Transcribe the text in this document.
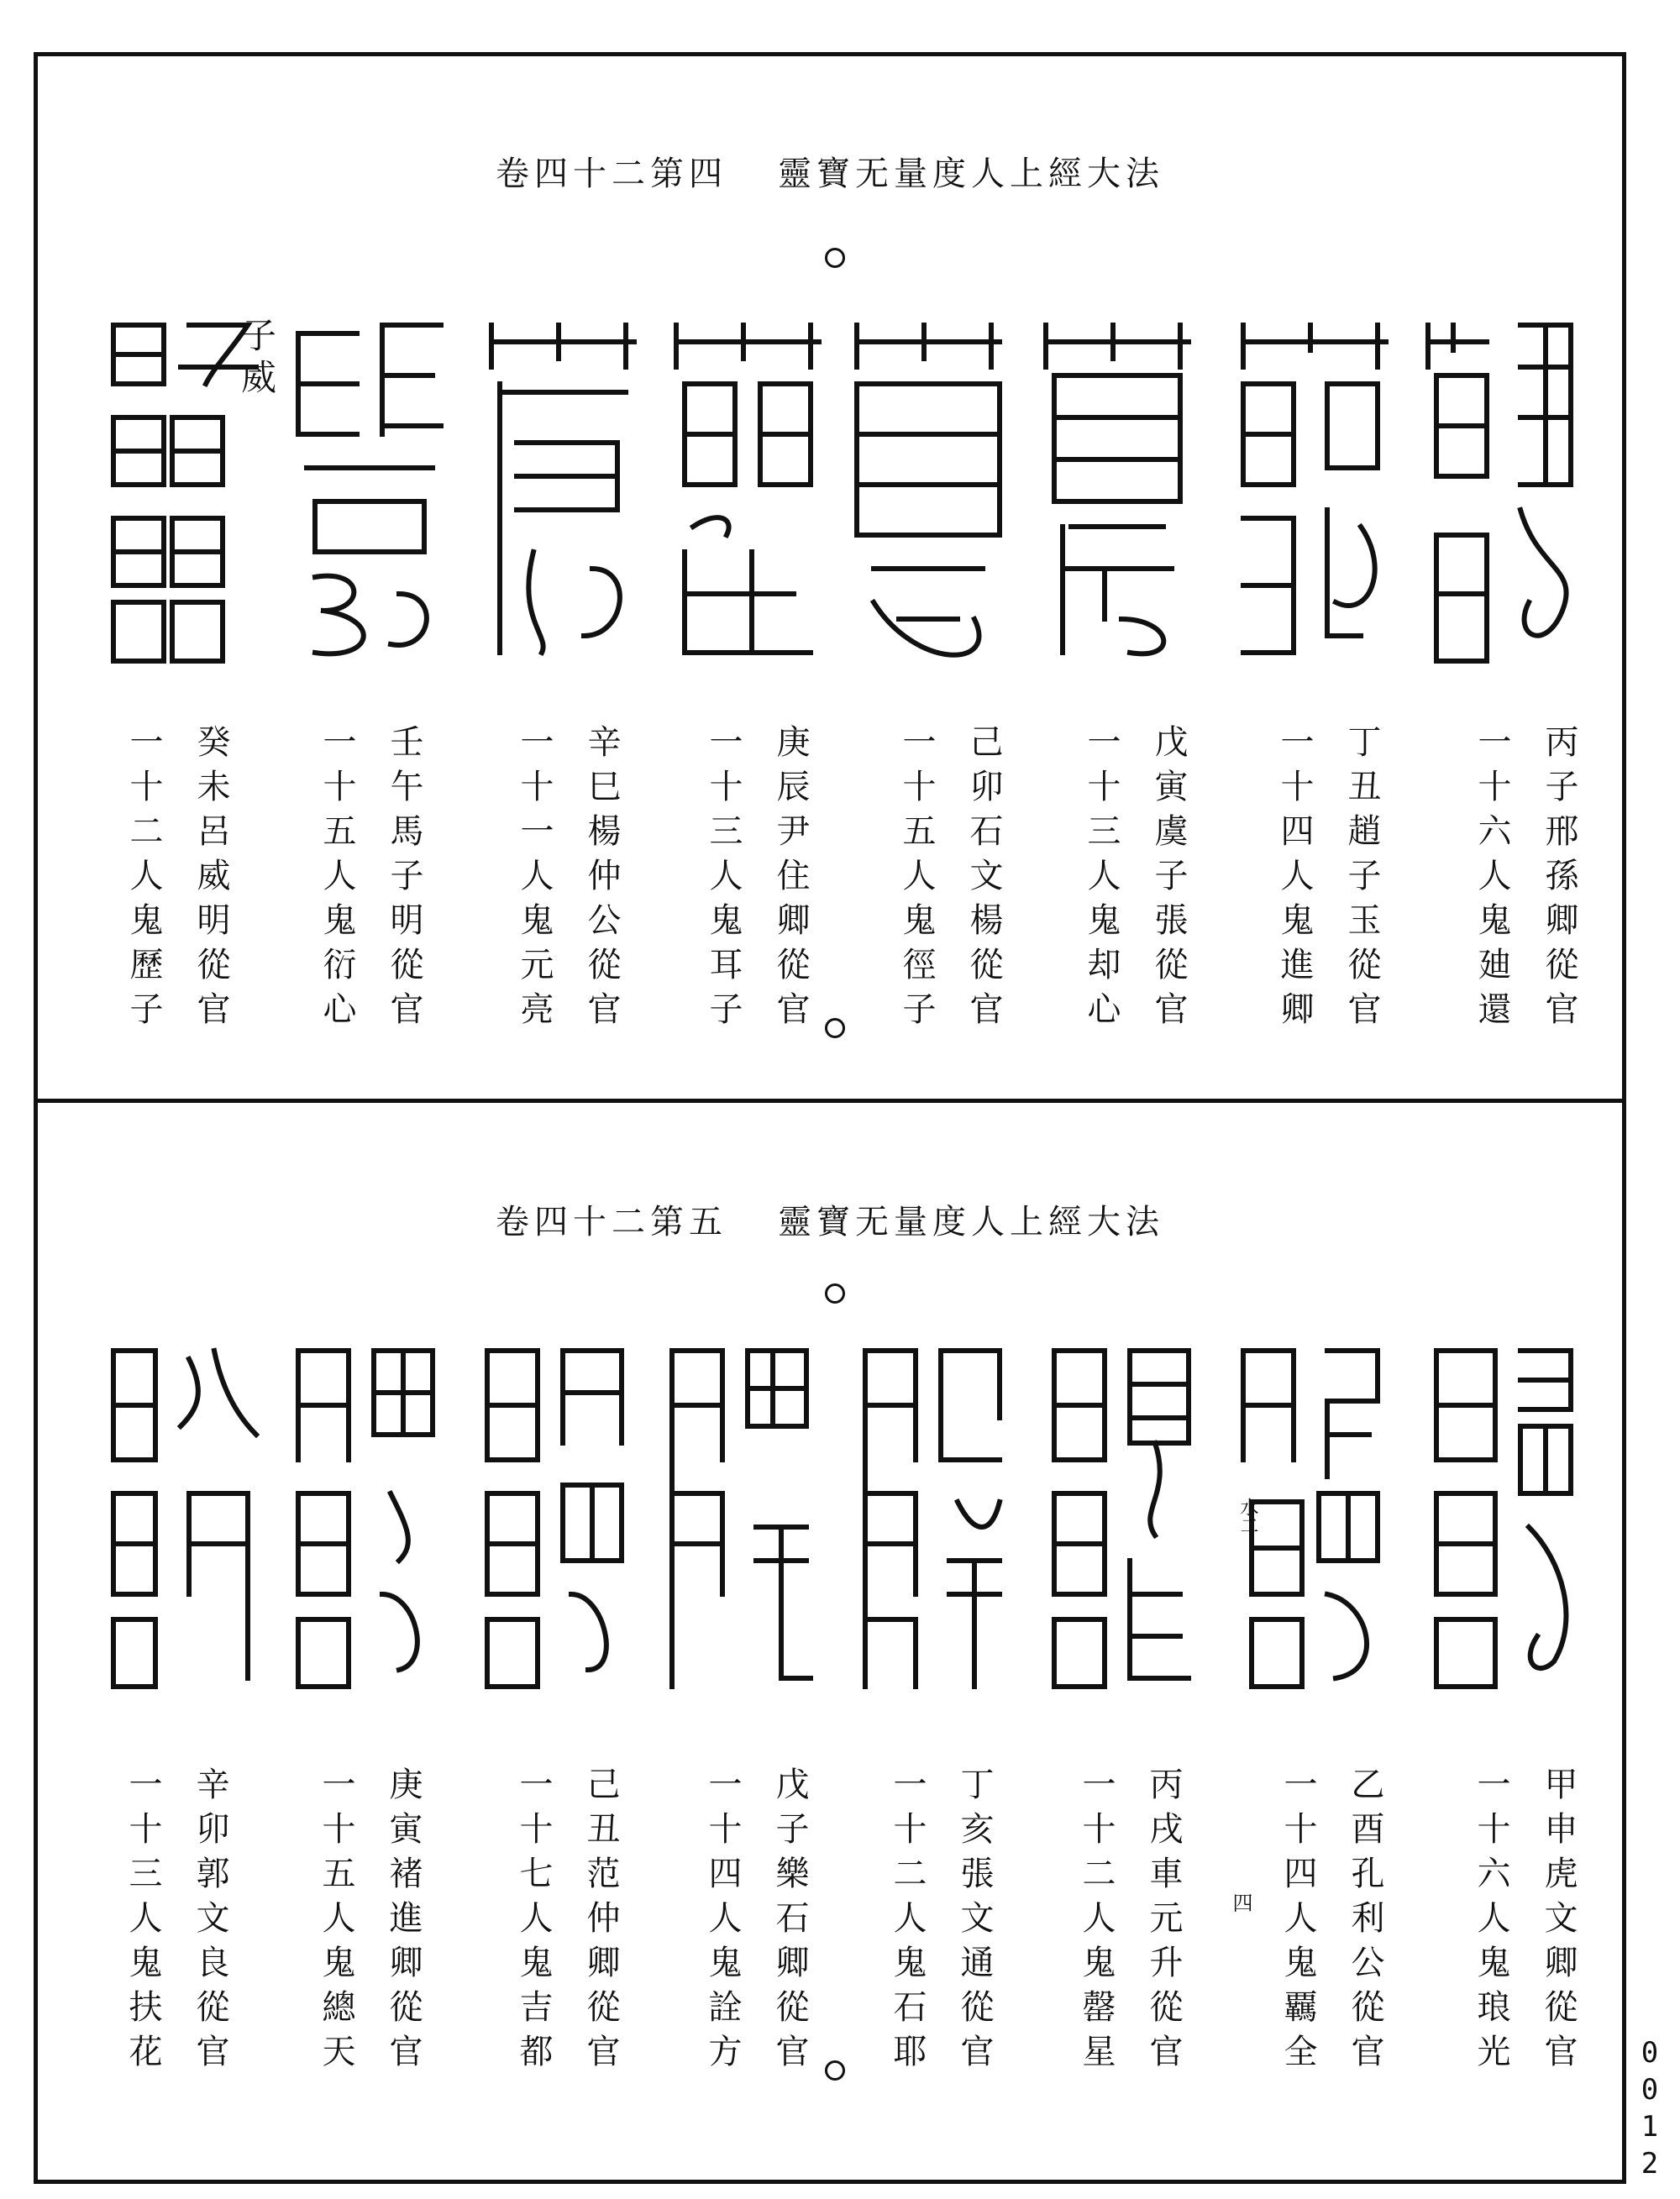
卷四十二第四 靈寶无量度人上經大法
子
威
丙子邢孫卿從官
一十六人鬼廸還
丁丑趙子玉從官
一十四人鬼進卿
戊寅虞子張從官
一十三人鬼却心
己卯石文楊從官
一十五人鬼徑子
庚辰尹住卿從官
一十三人鬼耳子
辛巳楊仲公從官
一十一人鬼元亮
壬午馬子明從官
一十五人鬼衍心
癸未呂威明從官
一十二人鬼歷子
卷四十二第五 靈寶无量度人上經大法
水二
甲申虎文卿從官
一十六人鬼琅光
乙酉孔利公從官
一十四人鬼覊全
四
丙戌車元升從官
一十二人鬼罄星
丁亥張文通從官
一十二人鬼石耶
戊子樂石卿從官
一十四人鬼詮方
己丑范仲卿從官
一十七人鬼吉都
庚寅褚進卿從官
一十五人鬼總天
辛卯郭文良從官
一十三人鬼扶花	0012
